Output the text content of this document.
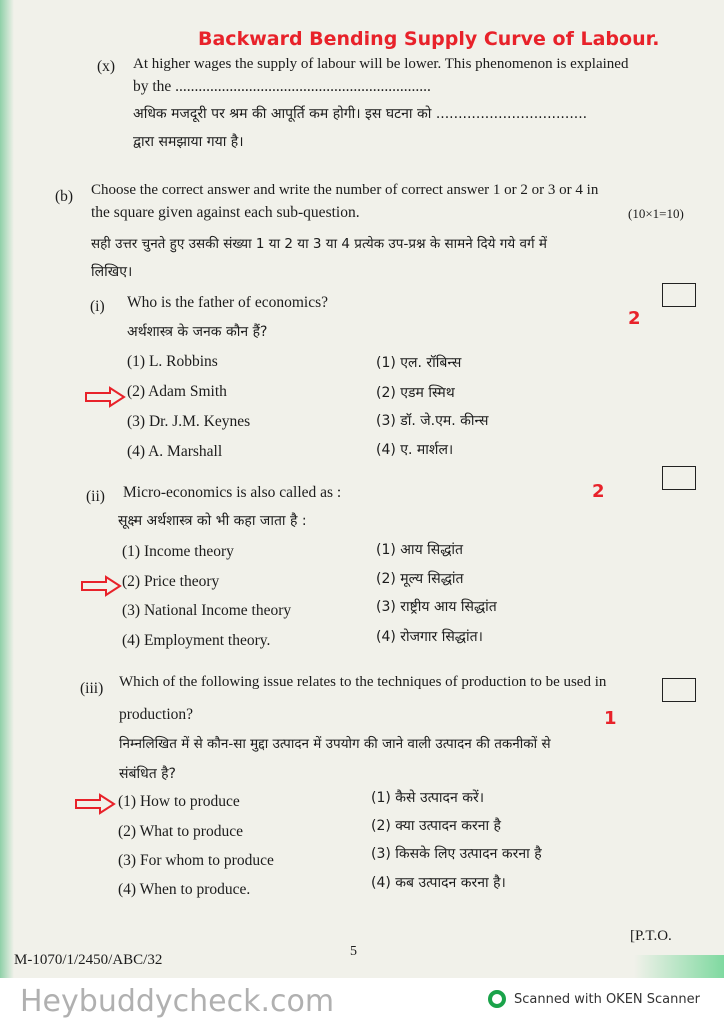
Backward Bending Supply Curve of Labour.
(x) At higher wages the supply of labour will be lower. This phenomenon is explained
by the ..................................................................
अधिक मजदूरी पर श्रम की आपूर्ति कम होगी। इस घटना को ..................................
द्वारा समझाया गया है।
(b) Choose the correct answer and write the number of correct answer 1 or 2 or 3 or 4 in
the square given against each sub-question.	(10×1=10)
सही उत्तर चुनते हुए उसकी संख्या 1 या 2 या 3 या 4 प्रत्येक उप-प्रश्न के सामने दिये गये वर्ग में
लिखिए।
(i) Who is the father of economics?
अर्थशास्त्र के जनक कौन हैं?
2
(1) L. Robbins
(2) Adam Smith
(3) Dr. J.M. Keynes
(4) A. Marshall
(1) एल. रॉबिन्स
(2) एडम स्मिथ
(3) डॉ. जे.एम. कीन्स
(4) ए. मार्शल।
(ii) Micro-economics is also called as :
सूक्ष्म अर्थशास्त्र को भी कहा जाता है :
2
(1) Income theory
(2) Price theory
(3) National Income theory
(4) Employment theory.
(1) आय सिद्धांत
(2) मूल्य सिद्धांत
(3) राष्ट्रीय आय सिद्धांत
(4) रोजगार सिद्धांत।
(iii) Which of the following issue relates to the techniques of production to be used in
production?
निम्नलिखित में से कौन-सा मुद्दा उत्पादन में उपयोग की जाने वाली उत्पादन की तकनीकों से
संबंधित है?
1
(1) How to produce
(2) What to produce
(3) For whom to produce
(4) When to produce.
(1) कैसे उत्पादन करें।
(2) क्या उत्पादन करना है
(3) किसके लिए उत्पादन करना है
(4) कब उत्पादन करना है।
M-1070/1/2450/ABC/32
5
[P.T.O.
Heybuddycheck.com	Scanned with OKEN Scanner
